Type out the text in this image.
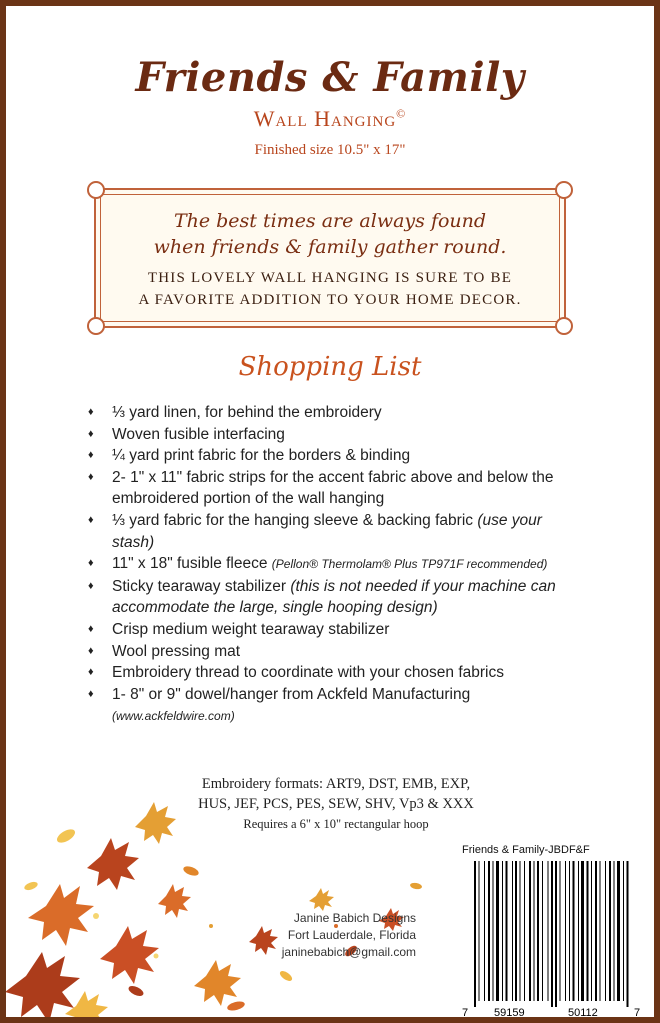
Friends & Family
Wall Hanging©
Finished size 10.5" x 17"
The best times are always found
when friends & family gather round.
THIS LOVELY WALL HANGING IS SURE TO BE
A FAVORITE ADDITION TO YOUR HOME DECOR.
Shopping List
♦ ⅓ yard linen, for behind the embroidery
♦ Woven fusible interfacing
♦ ¼ yard print fabric for the borders & binding
♦ 2- 1" x 11" fabric strips for the accent fabric above and below the embroidered portion of the wall hanging
♦ ⅓ yard fabric for the hanging sleeve & backing fabric (use your stash)
♦ 11" x 18" fusible fleece (Pellon® Thermolam® Plus TP971F recommended)
♦ Sticky tearaway stabilizer (this is not needed if your machine can accommodate the large, single hooping design)
♦ Crisp medium weight tearaway stabilizer
♦ Wool pressing mat
♦ Embroidery thread to coordinate with your chosen fabrics
♦ 1- 8" or 9" dowel/hanger from Ackfeld Manufacturing
(www.ackfeldwire.com)
Embroidery formats: ART9, DST, EMB, EXP,
HUS, JEF, PCS, PES, SEW, SHV, Vp3 & XXX
Requires a 6" x 10" rectangular hoop
Janine Babich Designs
Fort Lauderdale, Florida
janinebabich@gmail.com
Friends & Family-JBDF&F
7 59159	50112	7
